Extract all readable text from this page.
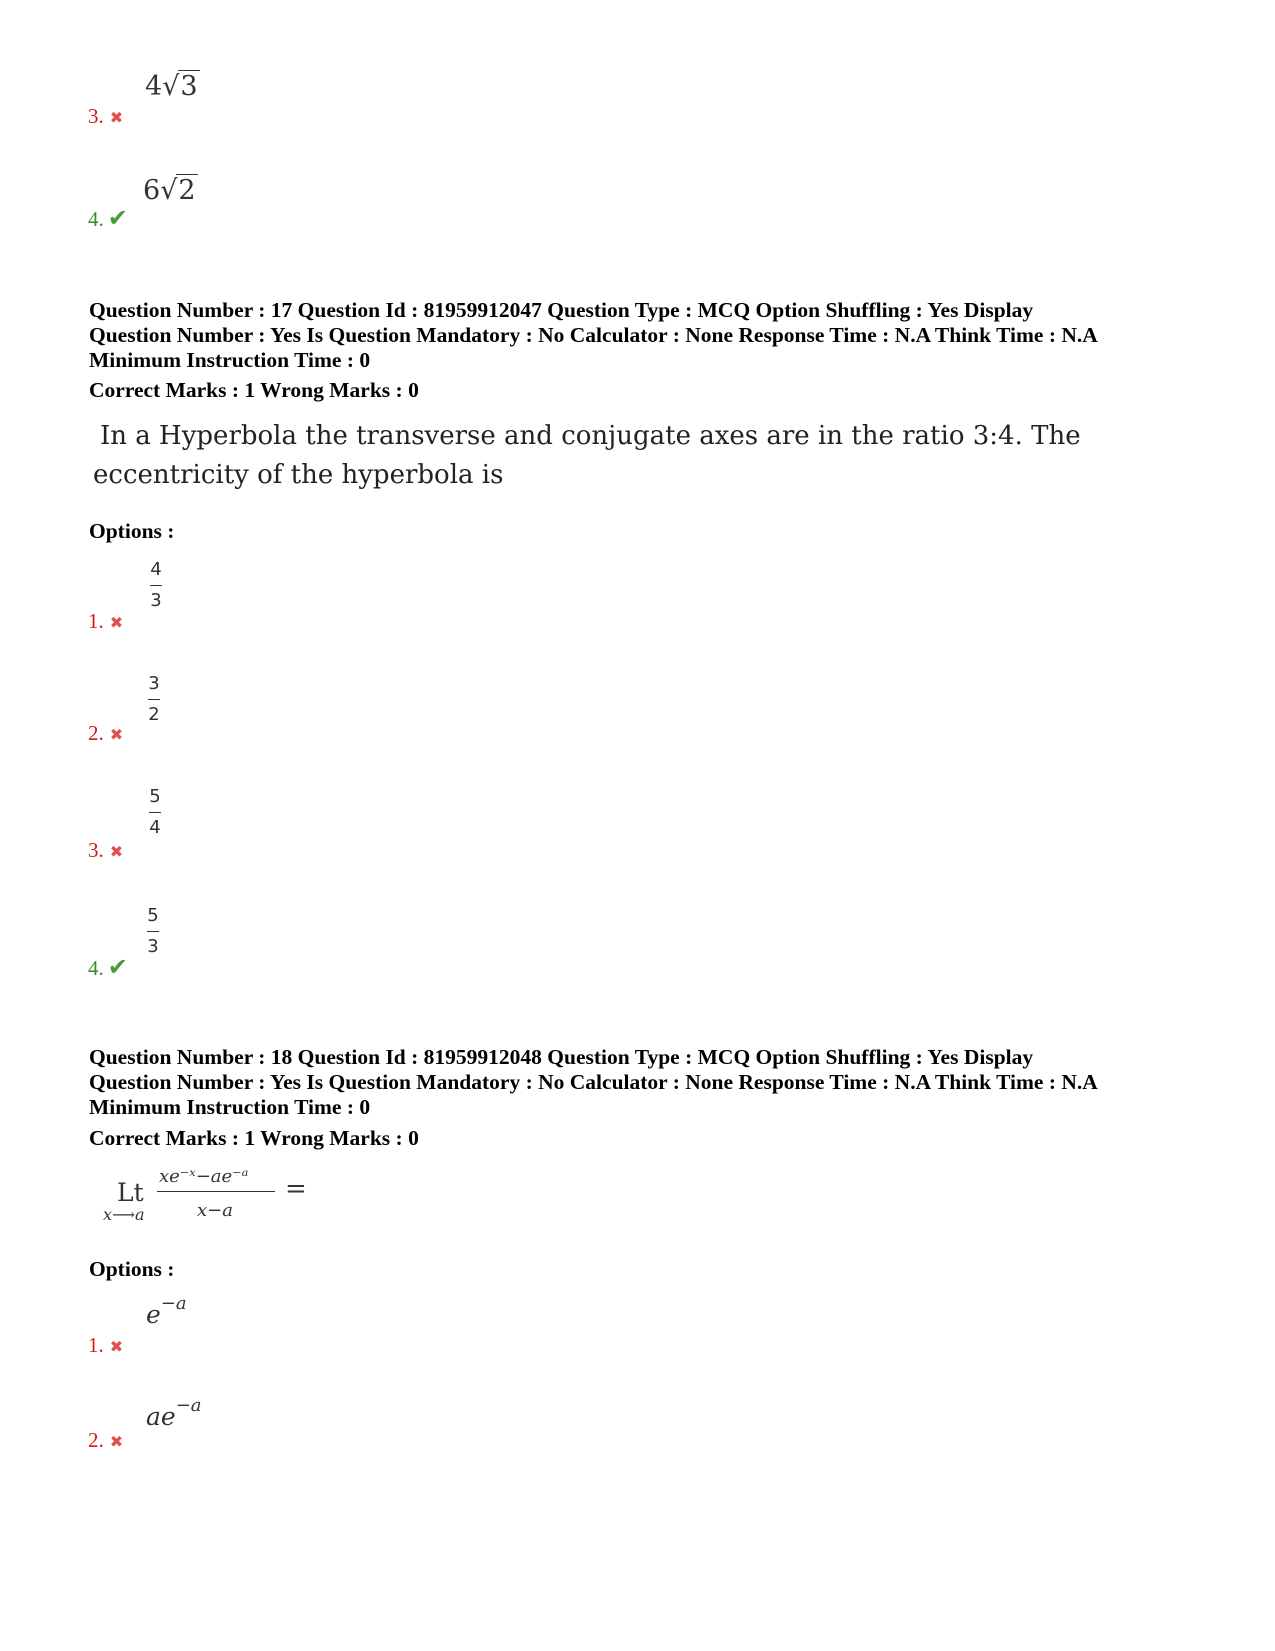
4 √ 3
3. ✖
6 √ 2
4. ✔
Question Number : 17 Question Id : 81959912047 Question Type : MCQ Option Shuffling : Yes Display
Question Number : Yes Is Question Mandatory : No Calculator : None Response Time : N.A Think Time : N.A
Minimum Instruction Time : 0
Correct Marks : 1 Wrong Marks : 0
In a Hyperbola the transverse and conjugate axes are in the ratio 3:4. The
eccentricity of the hyperbola is
Options :
4
3
1. ✖
3
2
2. ✖
5
4
3. ✖
5
3
4. ✔
Question Number : 18 Question Id : 81959912048 Question Type : MCQ Option Shuffling : Yes Display
Question Number : Yes Is Question Mandatory : No Calculator : None Response Time : N.A Think Time : N.A
Minimum Instruction Time : 0
Correct Marks : 1 Wrong Marks : 0
Lt
x⟶a
xe⁻ˣ−ae⁻ᵃ
x−a
=
Options :
$e^{-a}$
1. ✖
$ae^{-a}$
2. ✖
